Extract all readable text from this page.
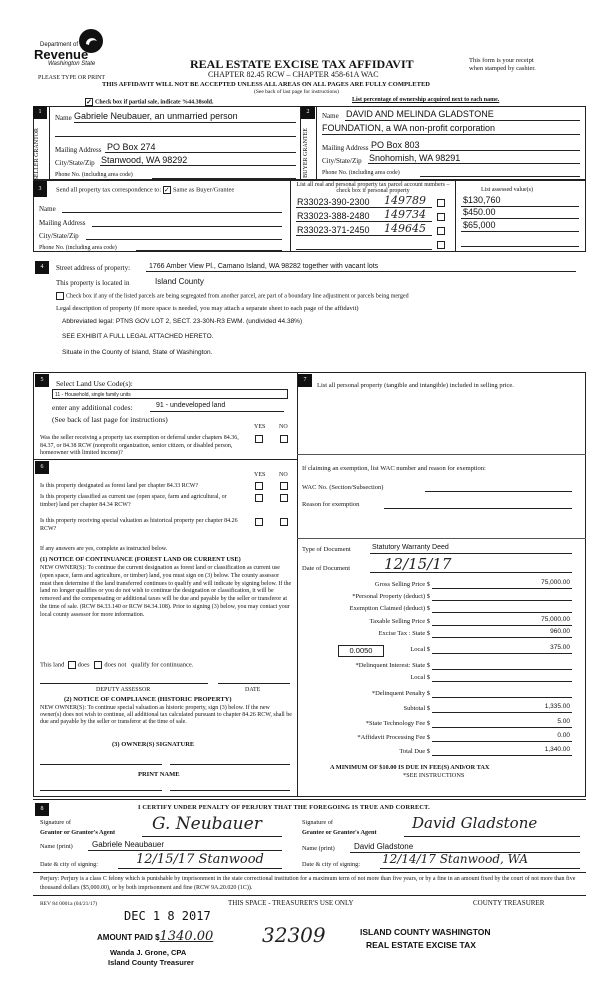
Department of
Revenue
Washington State	REAL ESTATE EXCISE TAX AFFIDAVIT
CHAPTER 82.45 RCW – CHAPTER 458-61A WAC
PLEASE TYPE OR PRINT
This form is your receipt
when stamped by cashier.
THIS AFFIDAVIT WILL NOT BE ACCEPTED UNLESS ALL AREAS ON ALL PAGES ARE FULLY COMPLETED
(See back of last page for instructions)
✓ Check box if partial sale, indicate %44.38sold.	List percentage of ownership acquired next to each name.
1
SELLER GRANTOR
Name Gabriele Neubauer, an unmarried person
Mailing Address PO Box 274
City/State/Zip Stanwood, WA 98292
Phone No. (including area code)
2
BUYER GRANTEE
Name DAVID AND MELINDA GLADSTONE
FOUNDATION, a WA non-profit corporation
Mailing Address PO Box 803
City/State/Zip Snohomish, WA 98291
Phone No. (including area code)
3	Send all property tax correspondence to: ✓ Same as Buyer/Grantee
Name
Mailing Address
City/State/Zip
Phone No. (including area code)
List all real and personal property tax parcel account numbers – check box if personal property	List assessed value(s)
R33023-390-2300 149789	$130,760
R33023-388-2480 149734	$450.00
R33023-371-2450 149645	$65,000
4	Street address of property:	1766 Amber View Pl., Camano Island, WA 98282 together with vacant lots
This property is located in	Island County
Check box if any of the listed parcels are being segregated from another parcel, are part of a boundary line adjustment or parcels being merged
Legal description of property (if more space is needed, you may attach a separate sheet to each page of the affidavit)
Abbreviated legal: PTNS GOV LOT 2, SECT. 23-30N-R3 EWM. (undivided 44.38%)
SEE EXHIBIT A FULL LEGAL ATTACHED HERETO.
Situate in the County of Island, State of Washington.
5	Select Land Use Code(s):
11 - Household, single family units
enter any additional codes:	91 - undeveloped land
(See back of last page for instructions)
YES NO
Was the seller receiving a property tax exemption or deferral under chapters 84.36, 84.37, or 84.38 RCW (nonprofit organization, senior citizen, or disabled person, homeowner with limited income)?
6
YES NO
Is this property designated as forest land per chapter 84.33 RCW?
Is this property classified as current use (open space, farm and agricultural, or timber) land per chapter 84.34 RCW?
Is this property receiving special valuation as historical property per chapter 84.26 RCW?
If any answers are yes, complete as instructed below.
(1) NOTICE OF CONTINUANCE (FOREST LAND OR CURRENT USE)
NEW OWNER(S): To continue the current designation as forest land or classification as current use (open space, farm and agriculture, or timber) land, you must sign on (3) below. The county assessor must then determine if the land transferred continues to qualify and will indicate by signing below. If the land no longer qualifies or you do not wish to continue the designation or classification, it will be removed and the compensating or additional taxes will be due and payable by the seller or transferor at the time of sale. (RCW 84.33.140 or RCW 84.34.108). Prior to signing (3) below, you may contact your local county assessor for more information.
This land does does not qualify for continuance.
DEPUTY ASSESSOR	DATE
(2) NOTICE OF COMPLIANCE (HISTORIC PROPERTY)
NEW OWNER(S): To continue special valuation as historic property, sign (3) below. If the new owner(s) does not wish to continue, all additional tax calculated pursuant to chapter 84.26 RCW, shall be due and payable by the seller or transferor at the time of sale.
(3) OWNER(S) SIGNATURE
PRINT NAME
7
List all personal property (tangible and intangible) included in selling price.
If claiming an exemption, list WAC number and reason for exemption:
WAC No. (Section/Subsection)
Reason for exemption
Type of Document	Statutory Warranty Deed
Date of Document 12/15/17
Gross Selling Price $	75,000.00
*Personal Property (deduct) $
Exemption Claimed (deduct) $
Taxable Selling Price $	75,000.00
Excise Tax : State $	960.00
Local $	375.00
*Delinquent Interest: State $
Local $
*Delinquent Penalty $
Subtotal $	1,335.00
*State Technology Fee $	5.00
*Affidavit Processing Fee $	0.00
Total Due $	1,340.00
0.0050
A MINIMUM OF $10.00 IS DUE IN FEE(S) AND/OR TAX
*SEE INSTRUCTIONS
8	I CERTIFY UNDER PENALTY OF PERJURY THAT THE FOREGOING IS TRUE AND CORRECT.
Signature of
Grantor or Grantor's Agent G. Neubauer
Name (print) Gabriele Neaubauer
Date & city of signing:	12/15/17 Stanwood
Signature of
Grantee or Grantee's Agent
David Gladstone
Name (print) David Gladstone
Date & city of signing: 12/14/17 Stanwood, WA
Perjury: Perjury is a class C felony which is punishable by imprisonment in the state correctional institution for a maximum term of not more than five years, or by a fine in an amount fixed by the court of not more than five thousand dollars ($5,000.00), or by both imprisonment and fine (RCW 9A.20.020 (1C)).
REV 84 0001a (04/21/17)	THIS SPACE - TREASURER'S USE ONLY	COUNTY TREASURER
DEC 1 8 2017
AMOUNT PAID $1340.00
Wanda J. Grone, CPA
Island County Treasurer
32309	ISLAND COUNTY WASHINGTON
REAL ESTATE EXCISE TAX
